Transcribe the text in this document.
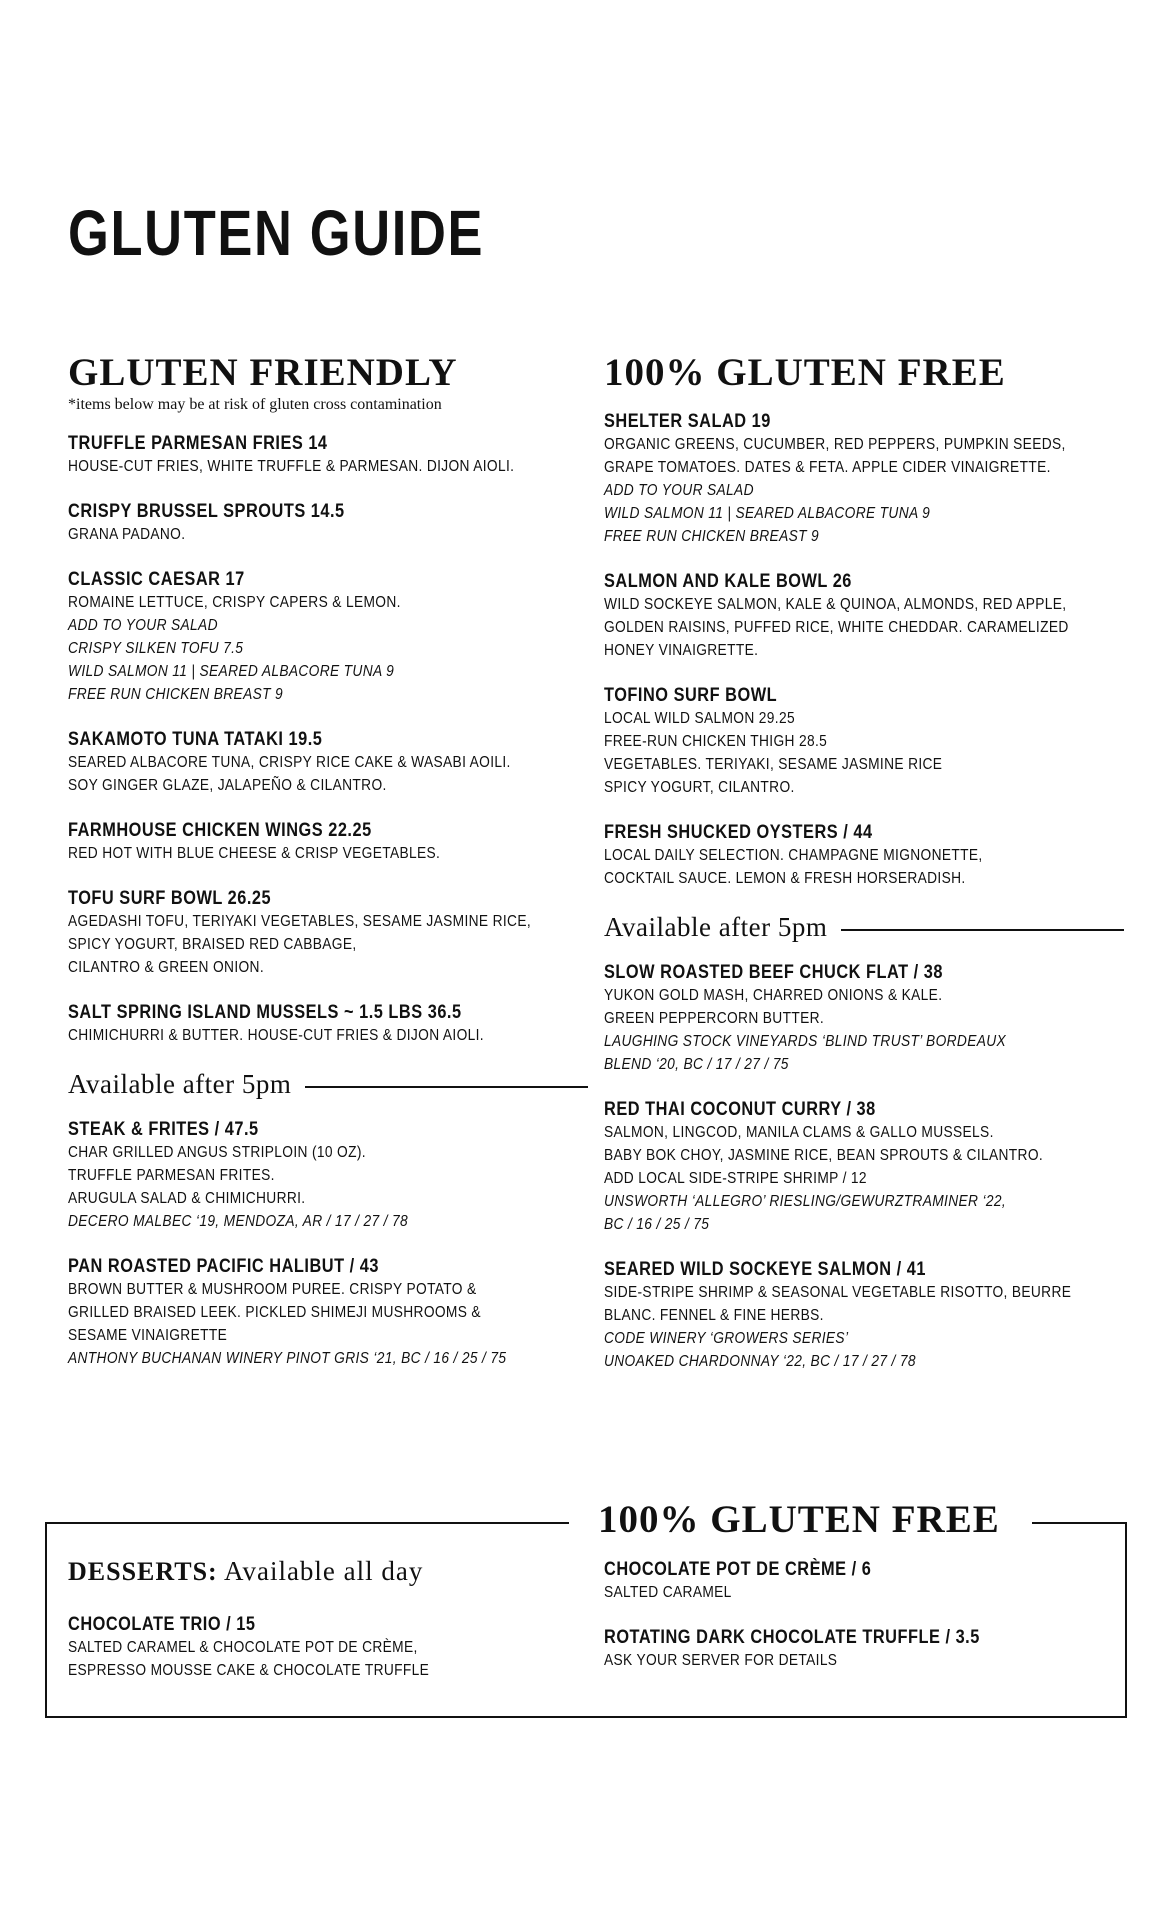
GLUTEN GUIDE
GLUTEN FRIENDLY

*items below may be at risk of gluten cross contamination

TRUFFLE PARMESAN FRIES 14

HOUSE-CUT FRIES, WHITE TRUFFLE & PARMESAN. DIJON AIOLI.

CRISPY BRUSSEL SPROUTS 14.5

GRANA PADANO.

CLASSIC CAESAR 17

ROMAINE LETTUCE, CRISPY CAPERS & LEMON.

ADD TO YOUR SALAD

CRISPY SILKEN TOFU 7.5

WILD SALMON 11 | SEARED ALBACORE TUNA 9

FREE RUN CHICKEN BREAST 9

SAKAMOTO TUNA TATAKI 19.5

SEARED ALBACORE TUNA, CRISPY RICE CAKE & WASABI AOILI.

SOY GINGER GLAZE, JALAPEÑO & CILANTRO.

FARMHOUSE CHICKEN WINGS 22.25

RED HOT WITH BLUE CHEESE & CRISP VEGETABLES.

TOFU SURF BOWL 26.25

AGEDASHI TOFU, TERIYAKI VEGETABLES, SESAME JASMINE RICE,

SPICY YOGURT, BRAISED RED CABBAGE,

CILANTRO & GREEN ONION.

SALT SPRING ISLAND MUSSELS ~ 1.5 LBS 36.5

CHIMICHURRI & BUTTER. HOUSE-CUT FRIES & DIJON AIOLI.

Available after 5pm

STEAK & FRITES / 47.5

CHAR GRILLED ANGUS STRIPLOIN (10 OZ).

TRUFFLE PARMESAN FRITES.

ARUGULA SALAD & CHIMICHURRI.

DECERO MALBEC ‘19, MENDOZA, AR / 17 / 27 / 78

PAN ROASTED PACIFIC HALIBUT / 43

BROWN BUTTER & MUSHROOM PUREE. CRISPY POTATO &

GRILLED BRAISED LEEK. PICKLED SHIMEJI MUSHROOMS &

SESAME VINAIGRETTE

ANTHONY BUCHANAN WINERY PINOT GRIS ‘21, BC / 16 / 25 / 75

100% GLUTEN FREE

SHELTER SALAD 19

ORGANIC GREENS, CUCUMBER, RED PEPPERS, PUMPKIN SEEDS,

GRAPE TOMATOES. DATES & FETA. APPLE CIDER VINAIGRETTE.

ADD TO YOUR SALAD

WILD SALMON 11 | SEARED ALBACORE TUNA 9

FREE RUN CHICKEN BREAST 9

SALMON AND KALE BOWL 26

WILD SOCKEYE SALMON, KALE & QUINOA, ALMONDS, RED APPLE,

GOLDEN RAISINS, PUFFED RICE, WHITE CHEDDAR. CARAMELIZED

HONEY VINAIGRETTE.

TOFINO SURF BOWL

LOCAL WILD SALMON 29.25

FREE-RUN CHICKEN THIGH 28.5

VEGETABLES. TERIYAKI, SESAME JASMINE RICE

SPICY YOGURT, CILANTRO.

FRESH SHUCKED OYSTERS / 44

LOCAL DAILY SELECTION. CHAMPAGNE MIGNONETTE,

COCKTAIL SAUCE. LEMON & FRESH HORSERADISH.

Available after 5pm

SLOW ROASTED BEEF CHUCK FLAT / 38

YUKON GOLD MASH, CHARRED ONIONS & KALE.

GREEN PEPPERCORN BUTTER.

LAUGHING STOCK VINEYARDS ‘BLIND TRUST’ BORDEAUX

BLEND ‘20, BC / 17 / 27 / 75

RED THAI COCONUT CURRY / 38

SALMON, LINGCOD, MANILA CLAMS & GALLO MUSSELS.

BABY BOK CHOY, JASMINE RICE, BEAN SPROUTS & CILANTRO.

ADD LOCAL SIDE-STRIPE SHRIMP / 12

UNSWORTH ‘ALLEGRO’ RIESLING/GEWURZTRAMINER ‘22,

BC / 16 / 25 / 75

SEARED WILD SOCKEYE SALMON / 41

SIDE-STRIPE SHRIMP & SEASONAL VEGETABLE RISOTTO, BEURRE

BLANC. FENNEL & FINE HERBS.

CODE WINERY ‘GROWERS SERIES’

UNOAKED CHARDONNAY ‘22, BC / 17 / 27 / 78

100% GLUTEN FREE

DESSERTS: Available all day

CHOCOLATE TRIO / 15

SALTED CARAMEL & CHOCOLATE POT DE CRÈME,

ESPRESSO MOUSSE CAKE & CHOCOLATE TRUFFLE

CHOCOLATE POT DE CRÈME / 6

SALTED CARAMEL

ROTATING DARK CHOCOLATE TRUFFLE / 3.5

ASK YOUR SERVER FOR DETAILS
